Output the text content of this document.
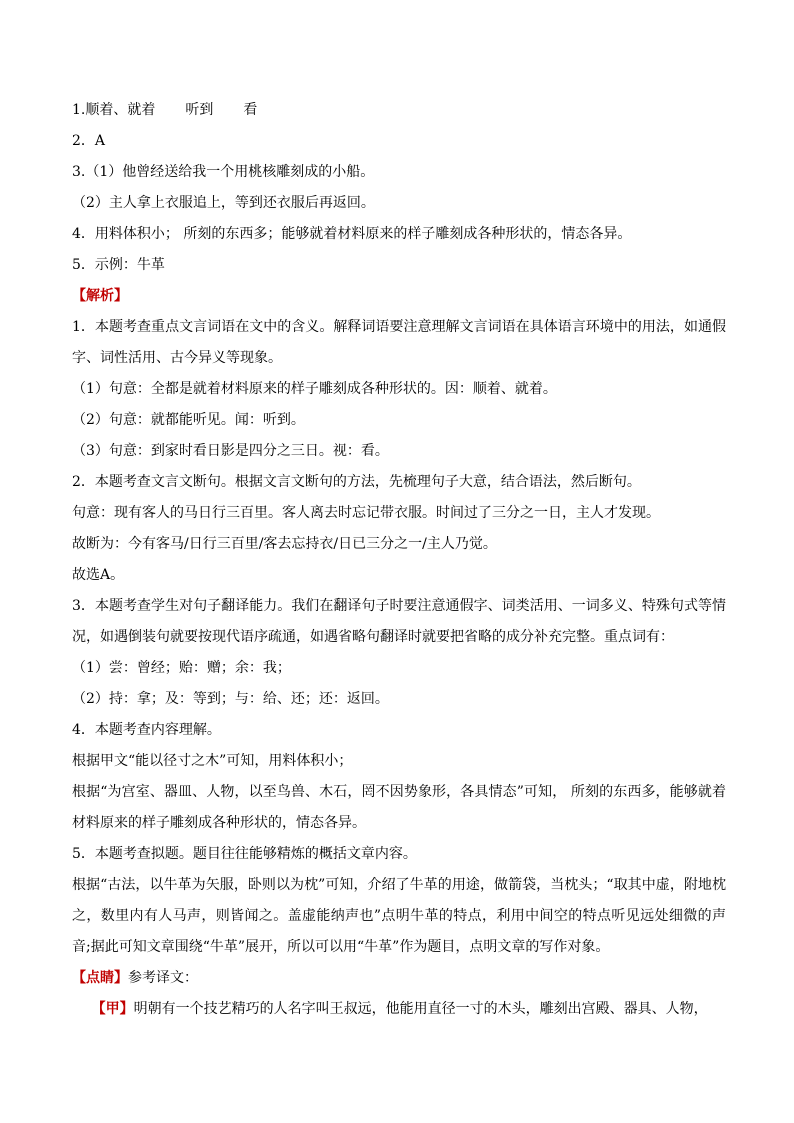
1.顺着、就着 听到 看
2．A
3.（1）他曾经送给我一个用桃核雕刻成的小船。
（2）主人拿上衣服追上，等到还衣服后再返回。
4．用料体积小； 所刻的东西多；能够就着材料原来的样子雕刻成各种形状的，情态各异。
5．示例：牛革
【解析】
1．本题考查重点文言词语在文中的含义。解释词语要注意理解文言词语在具体语言环境中的用法，如通假字、词性活用、古今异义等现象。
（1）句意：全都是就着材料原来的样子雕刻成各种形状的。因：顺着、就着。
（2）句意：就都能听见。闻：听到。
（3）句意：到家时看日影是四分之三日。视：看。
2．本题考查文言文断句。根据文言文断句的方法，先梳理句子大意，结合语法，然后断句。
句意：现有客人的马日行三百里。客人离去时忘记带衣服。时间过了三分之一日，主人才发现。
故断为：今有客马/日行三百里/客去忘持衣/日已三分之一/主人乃觉。
故选A。
3．本题考查学生对句子翻译能力。我们在翻译句子时要注意通假字、词类活用、一词多义、特殊句式等情况，如遇倒装句就要按现代语序疏通，如遇省略句翻译时就要把省略的成分补充完整。重点词有：
（1）尝：曾经；贻：赠；余：我；
（2）持：拿；及：等到；与：给、还；还：返回。
4．本题考查内容理解。
根据甲文“能以径寸之木”可知，用料体积小；
根据“为宫室、器皿、人物，以至鸟兽、木石，罔不因势象形，各具情态”可知， 所刻的东西多，能够就着材料原来的样子雕刻成各种形状的，情态各异。
5．本题考查拟题。题目往往能够精炼的概括文章内容。
根据“古法，以牛革为矢服，卧则以为枕”可知，介绍了牛革的用途，做箭袋，当枕头；“取其中虚，附地枕之，数里内有人马声，则皆闻之。盖虚能纳声也”点明牛革的特点，利用中间空的特点听见远处细微的声音;据此可知文章围绕“牛革”展开，所以可以用“牛革”作为题目，点明文章的写作对象。
【点睛】参考译文：
【甲】明朝有一个技艺精巧的人名字叫王叔远，他能用直径一寸的木头，雕刻出宫殿、器具、人物，
